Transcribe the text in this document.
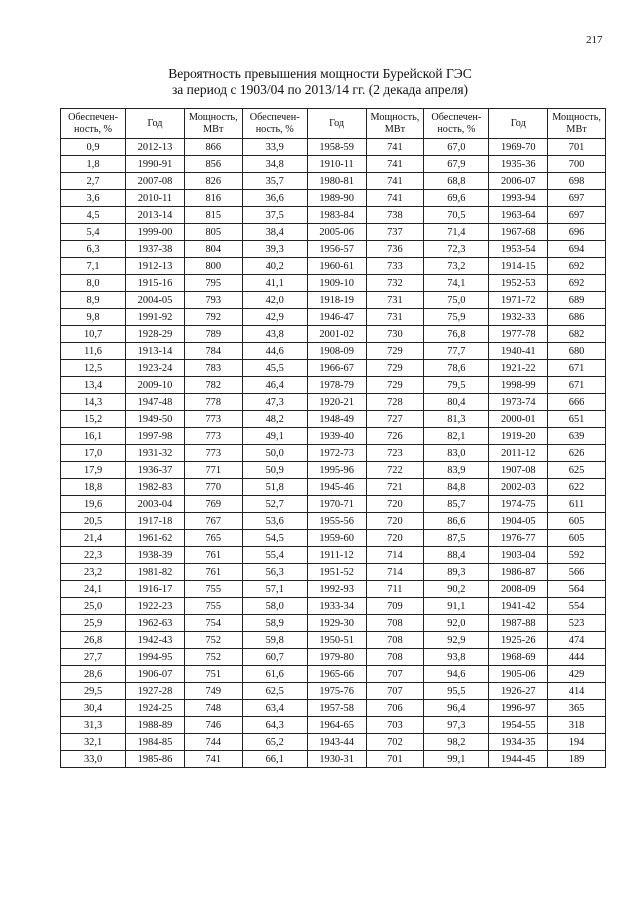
217
Вероятность превышения мощности Бурейской ГЭС
за период с 1903/04 по 2013/14 гг. (2 декада апреля)
Обеспечен-ность, %	Год	Мощность, МВт	Обеспечен-ность, %	Год	Мощность, МВт	Обеспечен-ность, %	Год	Мощность, МВт
0,9	2012-13	866	33,9	1958-59	741	67,0	1969-70	701
1,8	1990-91	856	34,8	1910-11	741	67,9	1935-36	700
2,7	2007-08	826	35,7	1980-81	741	68,8	2006-07	698
3,6	2010-11	816	36,6	1989-90	741	69,6	1993-94	697
4,5	2013-14	815	37,5	1983-84	738	70,5	1963-64	697
5,4	1999-00	805	38,4	2005-06	737	71,4	1967-68	696
6,3	1937-38	804	39,3	1956-57	736	72,3	1953-54	694
7,1	1912-13	800	40,2	1960-61	733	73,2	1914-15	692
8,0	1915-16	795	41,1	1909-10	732	74,1	1952-53	692
8,9	2004-05	793	42,0	1918-19	731	75,0	1971-72	689
9,8	1991-92	792	42,9	1946-47	731	75,9	1932-33	686
10,7	1928-29	789	43,8	2001-02	730	76,8	1977-78	682
11,6	1913-14	784	44,6	1908-09	729	77,7	1940-41	680
12,5	1923-24	783	45,5	1966-67	729	78,6	1921-22	671
13,4	2009-10	782	46,4	1978-79	729	79,5	1998-99	671
14,3	1947-48	778	47,3	1920-21	728	80,4	1973-74	666
15,2	1949-50	773	48,2	1948-49	727	81,3	2000-01	651
16,1	1997-98	773	49,1	1939-40	726	82,1	1919-20	639
17,0	1931-32	773	50,0	1972-73	723	83,0	2011-12	626
17,9	1936-37	771	50,9	1995-96	722	83,9	1907-08	625
18,8	1982-83	770	51,8	1945-46	721	84,8	2002-03	622
19,6	2003-04	769	52,7	1970-71	720	85,7	1974-75	611
20,5	1917-18	767	53,6	1955-56	720	86,6	1904-05	605
21,4	1961-62	765	54,5	1959-60	720	87,5	1976-77	605
22,3	1938-39	761	55,4	1911-12	714	88,4	1903-04	592
23,2	1981-82	761	56,3	1951-52	714	89,3	1986-87	566
24,1	1916-17	755	57,1	1992-93	711	90,2	2008-09	564
25,0	1922-23	755	58,0	1933-34	709	91,1	1941-42	554
25,9	1962-63	754	58,9	1929-30	708	92,0	1987-88	523
26,8	1942-43	752	59,8	1950-51	708	92,9	1925-26	474
27,7	1994-95	752	60,7	1979-80	708	93,8	1968-69	444
28,6	1906-07	751	61,6	1965-66	707	94,6	1905-06	429
29,5	1927-28	749	62,5	1975-76	707	95,5	1926-27	414
30,4	1924-25	748	63,4	1957-58	706	96,4	1996-97	365
31,3	1988-89	746	64,3	1964-65	703	97,3	1954-55	318
32,1	1984-85	744	65,2	1943-44	702	98,2	1934-35	194
33,0	1985-86	741	66,1	1930-31	701	99,1	1944-45	189
